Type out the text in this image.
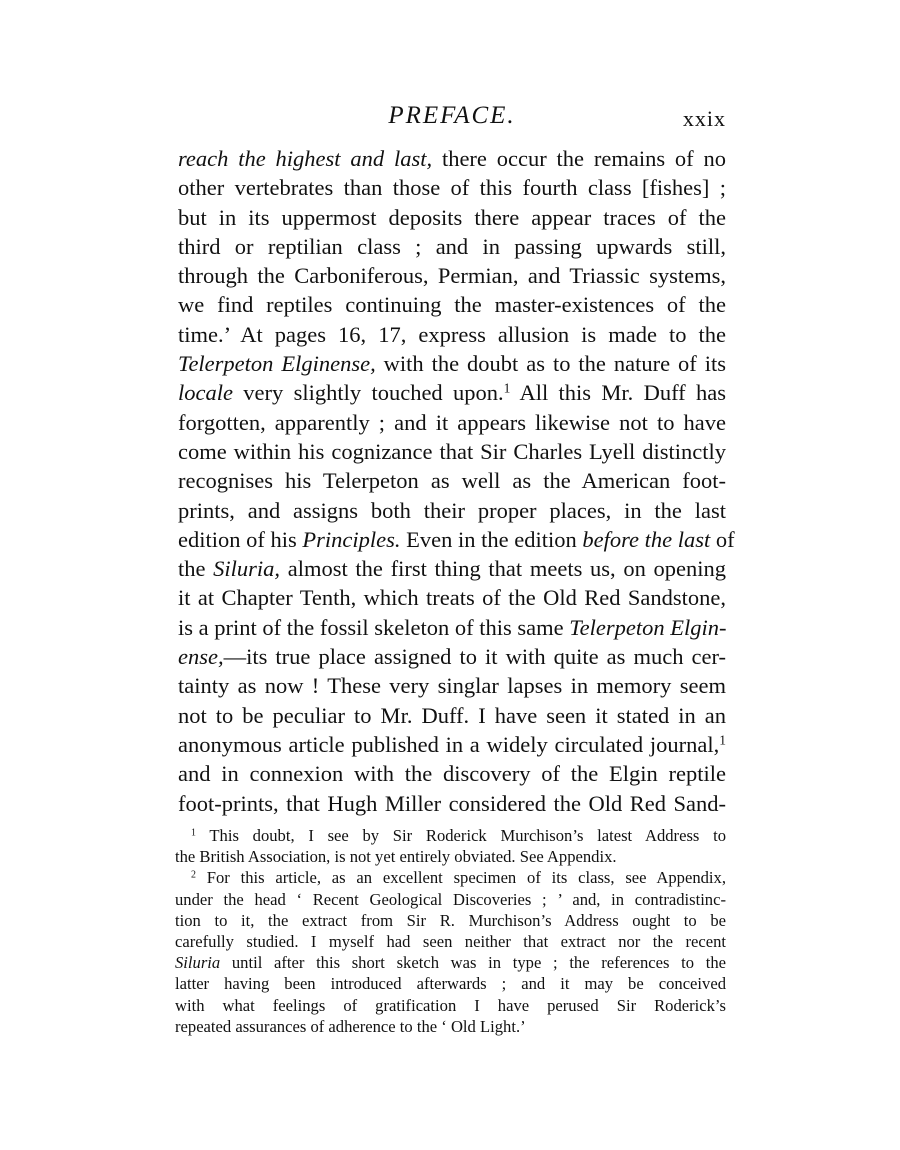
PREFACE.	xxix
reach the highest and last, there occur the remains of no
other vertebrates than those of this fourth class [fishes] ;
but in its uppermost deposits there appear traces of the
third or reptilian class ; and in passing upwards still,
through the Carboniferous, Permian, and Triassic systems,
we find reptiles continuing the master-existences of the
time.’ At pages 16, 17, express allusion is made to the
Telerpeton Elginense, with the doubt as to the nature of its
locale very slightly touched upon.$^1$ All this Mr. Duff has
forgotten, apparently ; and it appears likewise not to have
come within his cognizance that Sir Charles Lyell distinctly
recognises his Telerpeton as well as the American foot-
prints, and assigns both their proper places, in the last
edition of his Principles. Even in the edition before the last of
the Siluria, almost the first thing that meets us, on opening
it at Chapter Tenth, which treats of the Old Red Sandstone,
is a print of the fossil skeleton of this same Telerpeton Elgin-
ense,—its true place assigned to it with quite as much cer-
tainty as now ! These very singlar lapses in memory seem
not to be peculiar to Mr. Duff. I have seen it stated in an
anonymous article published in a widely circulated journal,$^1$
and in connexion with the discovery of the Elgin reptile
foot-prints, that Hugh Miller considered the Old Red Sand-
$^1$ This doubt, I see by Sir Roderick Murchison’s latest Address to
the British Association, is not yet entirely obviated. See Appendix.
$^2$ For this article, as an excellent specimen of its class, see Appendix,
under the head ‘ Recent Geological Discoveries ; ’ and, in contradistinc-
tion to it, the extract from Sir R. Murchison’s Address ought to be
carefully studied. I myself had seen neither that extract nor the recent
Siluria until after this short sketch was in type ; the references to the
latter having been introduced afterwards ; and it may be conceived
with what feelings of gratification I have perused Sir Roderick’s
repeated assurances of adherence to the ‘ Old Light.’
